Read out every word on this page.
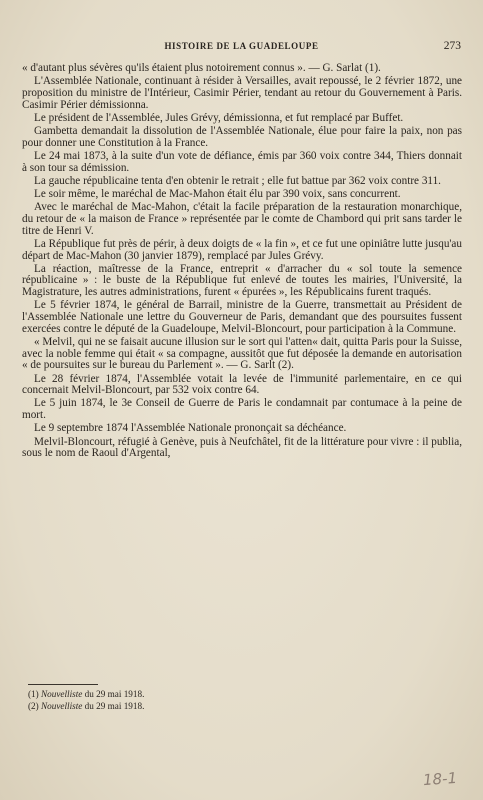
HISTOIRE DE LA GUADELOUPE	273

« d'autant plus sévères qu'ils étaient plus notoirement connus ». — G. Sarlat (1).

L'Assemblée Nationale, continuant à résider à Versailles, avait repoussé, le 2 février 1872, une proposition du ministre de l'Intérieur, Casimir Périer, tendant au retour du Gouvernement à Paris. Casimir Périer démissionna.

Le président de l'Assemblée, Jules Grévy, démissionna, et fut remplacé par Buffet.

Gambetta demandait la dissolution de l'Assemblée Nationale, élue pour faire la paix, non pas pour donner une Constitution à la France.

Le 24 mai 1873, à la suite d'un vote de défiance, émis par 360 voix contre 344, Thiers donnait à son tour sa démission.

La gauche républicaine tenta d'en obtenir le retrait ; elle fut battue par 362 voix contre 311.

Le soir même, le maréchal de Mac-Mahon était élu par 390 voix, sans concurrent.

Avec le maréchal de Mac-Mahon, c'était la facile préparation de la restauration monarchique, du retour de « la maison de France » représentée par le comte de Chambord qui prit sans tarder le titre de Henri V.

La République fut près de périr, à deux doigts de « la fin », et ce fut une opiniâtre lutte jusqu'au départ de Mac-Mahon (30 janvier 1879), remplacé par Jules Grévy.

La réaction, maîtresse de la France, entreprit « d'arracher du « sol toute la semence républicaine » : le buste de la République fut enlevé de toutes les mairies, l'Université, la Magistrature, les autres administrations, furent « épurées », les Républicains furent traqués.

Le 5 février 1874, le général de Barrail, ministre de la Guerre, transmettait au Président de l'Assemblée Nationale une lettre du Gouverneur de Paris, demandant que des poursuites fussent exercées contre le député de la Guadeloupe, Melvil-Bloncourt, pour participation à la Commune.

« Melvil, qui ne se faisait aucune illusion sur le sort qui l'atten« dait, quitta Paris pour la Suisse, avec la noble femme qui était « sa compagne, aussitôt que fut déposée la demande en autorisation « de poursuites sur le bureau du Parlement ». — G. Sarlt (2).

Le 28 février 1874, l'Assemblée votait la levée de l'immunité parlementaire, en ce qui concernait Melvil-Bloncourt, par 532 voix contre 64.

Le 5 juin 1874, le 3e Conseil de Guerre de Paris le condamnait par contumace à la peine de mort.

Le 9 septembre 1874 l'Assemblée Nationale prononçait sa déchéance.

Melvil-Bloncourt, réfugié à Genève, puis à Neufchâtel, fit de la littérature pour vivre : il publia, sous le nom de Raoul d'Argental,

(1) Nouvelliste du 29 mai 1918.
(2) Nouvelliste du 29 mai 1918.
18-1
